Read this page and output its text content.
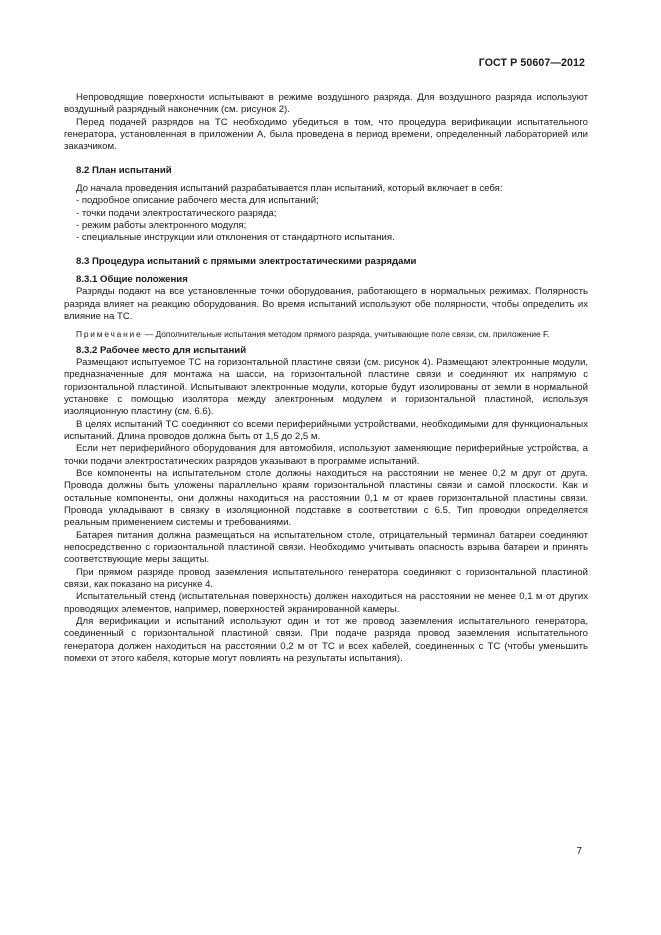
ГОСТ Р 50607—2012

Непроводящие поверхности испытывают в режиме воздушного разряда. Для воздушного разряда используют воздушный разрядный наконечник (см. рисунок 2).

Перед подачей разрядов на ТС необходимо убедиться в том, что процедура верификации испытательного генератора, установленная в приложении А, была проведена в период времени, определенный лабораторией или заказчиком.

8.2 План испытаний

До начала проведения испытаний разрабатывается план испытаний, который включает в себя:

- подробное описание рабочего места для испытаний;
- точки подачи электростатического разряда;
- режим работы электронного модуля;
- специальные инструкции или отклонения от стандартного испытания.

8.3 Процедура испытаний с прямыми электростатическими разрядами

8.3.1 Общие положения

Разряды подают на все установленные точки оборудования, работающего в нормальных режимах. Полярность разряда влияет на реакцию оборудования. Во время испытаний используют обе полярности, чтобы определить их влияние на ТС.

Примечание — Дополнительные испытания методом прямого разряда, учитывающие поле связи, см. приложение F.

8.3.2 Рабочее место для испытаний

Размещают испытуемое ТС на горизонтальной пластине связи (см. рисунок 4). Размещают электронные модули, предназначенные для монтажа на шасси, на горизонтальной пластине связи и соединяют их напрямую с горизонтальной пластиной. Испытывают электронные модули, которые будут изолированы от земли в нормальной установке с помощью изолятора между электронным модулем и горизонтальной пластиной, используя изоляционную пластину (см. 6.6).

В целях испытаний ТС соединяют со всеми периферийными устройствами, необходимыми для функциональных испытаний. Длина проводов должна быть от 1,5 до 2,5 м.

Если нет периферийного оборудования для автомобиля, используют заменяющие периферийные устройства, а точки подачи электростатических разрядов указывают в программе испытаний.

Все компоненты на испытательном столе должны находиться на расстоянии не менее 0,2 м друг от друга. Провода должны быть уложены параллельно краям горизонтальной пластины связи и самой плоскости. Как и остальные компоненты, они должны находиться на расстоянии 0,1 м от краев горизонтальной пластины связи. Провода укладывают в связку в изоляционной подставке в соответствии с 6.5. Тип проводки определяется реальным применением системы и требованиями.

Батарея питания должна размещаться на испытательном столе, отрицательный терминал батареи соединяют непосредственно с горизонтальной пластиной связи. Необходимо учитывать опасность взрыва батареи и принять соответствующие меры защиты.

При прямом разряде провод заземления испытательного генератора соединяют с горизонтальной пластиной связи, как показано на рисунке 4.

Испытательный стенд (испытательная поверхность) должен находиться на расстоянии не менее 0,1 м от других проводящих элементов, например, поверхностей экранированной камеры.

Для верификации и испытаний используют один и тот же провод заземления испытательного генератора, соединенный с горизонтальной пластиной связи. При подаче разряда провод заземления испытательного генератора должен находиться на расстоянии 0,2 м от ТС и всех кабелей, соединенных с ТС (чтобы уменьшить помехи от этого кабеля, которые могут повлиять на результаты испытания).

7
